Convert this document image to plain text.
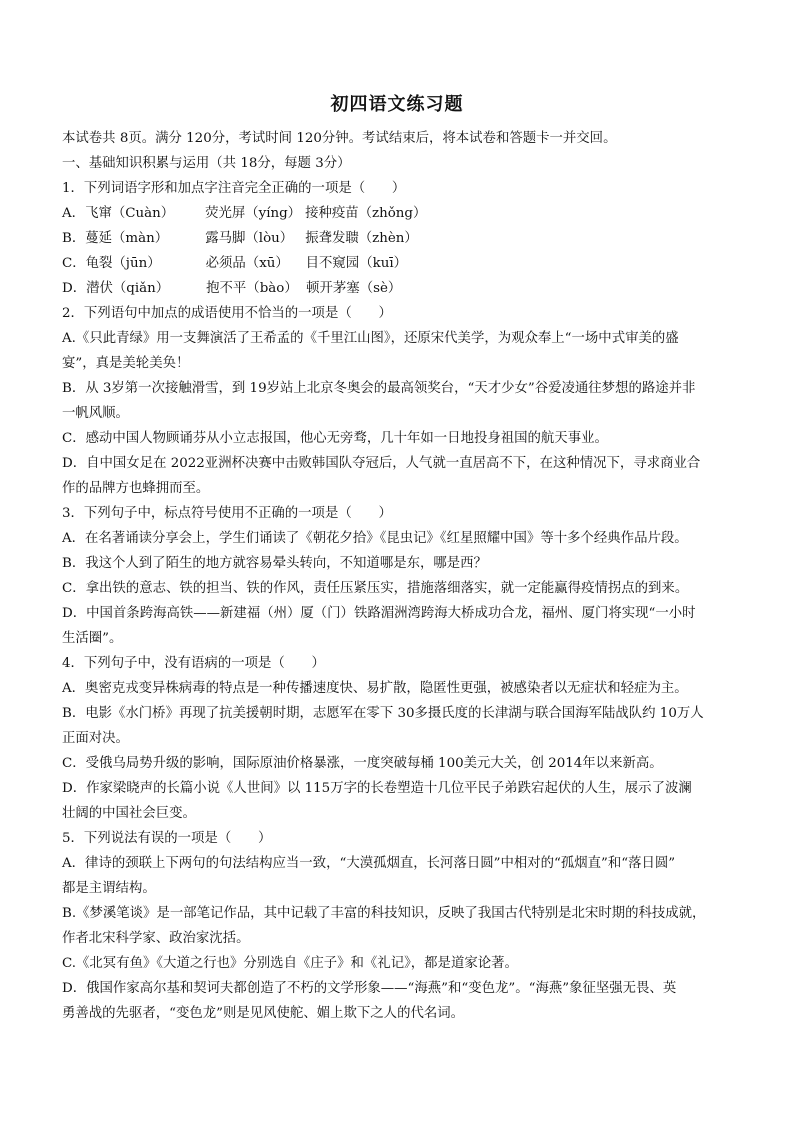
初四语文练习题

本试卷共 8页。满分 120分，考试时间 120分钟。考试结束后，将本试卷和答题卡一并交回。

一、基础知识积累与运用（共 18分，每题 3分）

1．下列词语字形和加点字注音完全正确的一项是（　　）

A． 飞窜（Cuàn）	荧光屏（yíng） 接种疫苗（zhǒng）
B． 蔓延（màn）	露马脚（lòu） 振聋发聩（zhèn）
C． 龟裂（jūn）	必须品（xū）	目不窥园（kuī）
D． 潜伏（qiǎn）	抱不平（bào） 顿开茅塞（sè）

2．下列语句中加点的成语使用不恰当的一项是（　　）

A.《只此青绿》用一支舞演活了王希孟的《千里江山图》，还原宋代美学，为观众奉上“一场中式审美的盛

宴”，真是美轮美奂！

B．从 3岁第一次接触滑雪，到 19岁站上北京冬奥会的最高领奖台，“天才少女”谷爱凌通往梦想的路途并非

一帆风顺。

C．感动中国人物顾诵芬从小立志报国，他心无旁骛，几十年如一日地投身祖国的航天事业。

D．自中国女足在 2022亚洲杯决赛中击败韩国队夺冠后，人气就一直居高不下，在这种情况下，寻求商业合

作的品牌方也蜂拥而至。

3．下列句子中，标点符号使用不正确的一项是（　　）

A．在名著诵读分享会上，学生们诵读了《朝花夕拾》《昆虫记》《红星照耀中国》等十多个经典作品片段。

B．我这个人到了陌生的地方就容易晕头转向，不知道哪是东，哪是西？

C．拿出铁的意志、铁的担当、铁的作风，责任压紧压实，措施落细落实，就一定能赢得疫情拐点的到来。

D．中国首条跨海高铁——新建福（州）厦（门）铁路湄洲湾跨海大桥成功合龙，福州、厦门将实现“一小时

生活圈”。

4．下列句子中，没有语病的一项是（　　）

A．奥密克戎变异株病毒的特点是一种传播速度快、易扩散，隐匿性更强，被感染者以无症状和轻症为主。

B．电影《水门桥》再现了抗美援朝时期，志愿军在零下 30多摄氏度的长津湖与联合国海军陆战队约 10万人

正面对决。

C．受俄乌局势升级的影响，国际原油价格暴涨，一度突破每桶 100美元大关，创 2014年以来新高。

D．作家梁晓声的长篇小说《人世间》以 115万字的长卷塑造十几位平民子弟跌宕起伏的人生，展示了波澜

壮阔的中国社会巨变。

5．下列说法有误的一项是（　　）

A．律诗的颈联上下两句的句法结构应当一致，“大漠孤烟直，长河落日圆”中相对的“孤烟直”和“落日圆”

都是主谓结构。

B.《梦溪笔谈》是一部笔记作品，其中记载了丰富的科技知识，反映了我国古代特别是北宋时期的科技成就，

作者北宋科学家、政治家沈括。

C.《北冥有鱼》《大道之行也》分别选自《庄子》和《礼记》，都是道家论著。

D．俄国作家高尔基和契诃夫都创造了不朽的文学形象——“海燕”和“变色龙”。“海燕”象征坚强无畏、英

勇善战的先驱者，“变色龙”则是见风使舵、媚上欺下之人的代名词。
